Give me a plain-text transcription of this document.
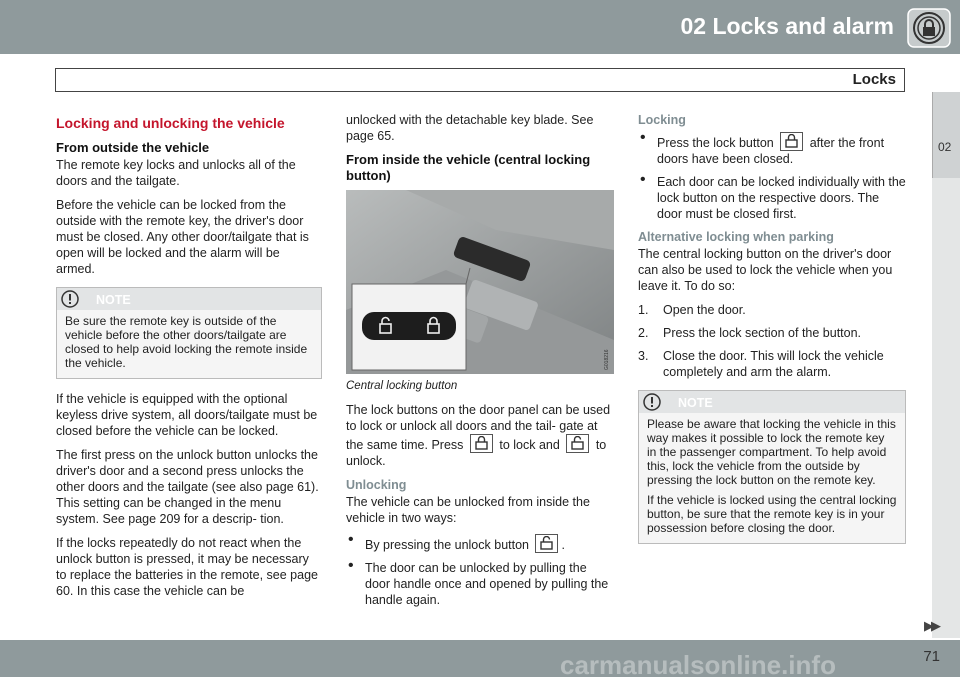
02 Locks and alarm
Locks
02
Locking and unlocking the vehicle
From outside the vehicle

The remote key locks and unlocks all of the doors and the tailgate.

Before the vehicle can be locked from the outside with the remote key, the driver's door must be closed. Any other door/tailgate that is open will be locked and the alarm will be armed.

NOTE

Be sure the remote key is outside of the vehicle before the other doors/tailgate are closed to help avoid locking the remote inside the vehicle.

If the vehicle is equipped with the optional keyless drive system, all doors/tailgate must be closed before the vehicle can be locked.

The first press on the unlock button unlocks the driver's door and a second press unlocks the other doors and the tailgate (see also page 61). This setting can be changed in the menu system. See page 209 for a descrip- tion.

If the locks repeatedly do not react when the unlock button is pressed, it may be necessary to replace the batteries in the remote, see page 60. In this case the vehicle can be

unlocked with the detachable key blade. See page 65.

From inside the vehicle (central locking button)
G018216

Central locking button

The lock buttons on the door panel can be used to lock or unlock all doors and the tail- gate at the same time. Press	to lock and	to unlock.

Unlocking

The vehicle can be unlocked from inside the vehicle in two ways:

• By pressing the unlock button	.
• The door can be unlocked by pulling the door handle once and opened by pulling the handle again.
Locking
• Press the lock button	after the front doors have been closed.
• Each door can be locked individually with the lock button on the respective doors. The door must be closed first.
Alternative locking when parking

The central locking button on the driver's door can also be used to lock the vehicle when you leave it. To do so:

1. Open the door.
2. Press the lock section of the button.
3. Close the door. This will lock the vehicle completely and arm the alarm.
NOTE

Please be aware that locking the vehicle in this way makes it possible to lock the remote key in the passenger compartment. To help avoid this, lock the vehicle from the outside by pressing the lock button on the remote key.

If the vehicle is locked using the central locking button, be sure that the remote key is in your possession before closing the door.

▶▶
carmanualsonline.info	71
